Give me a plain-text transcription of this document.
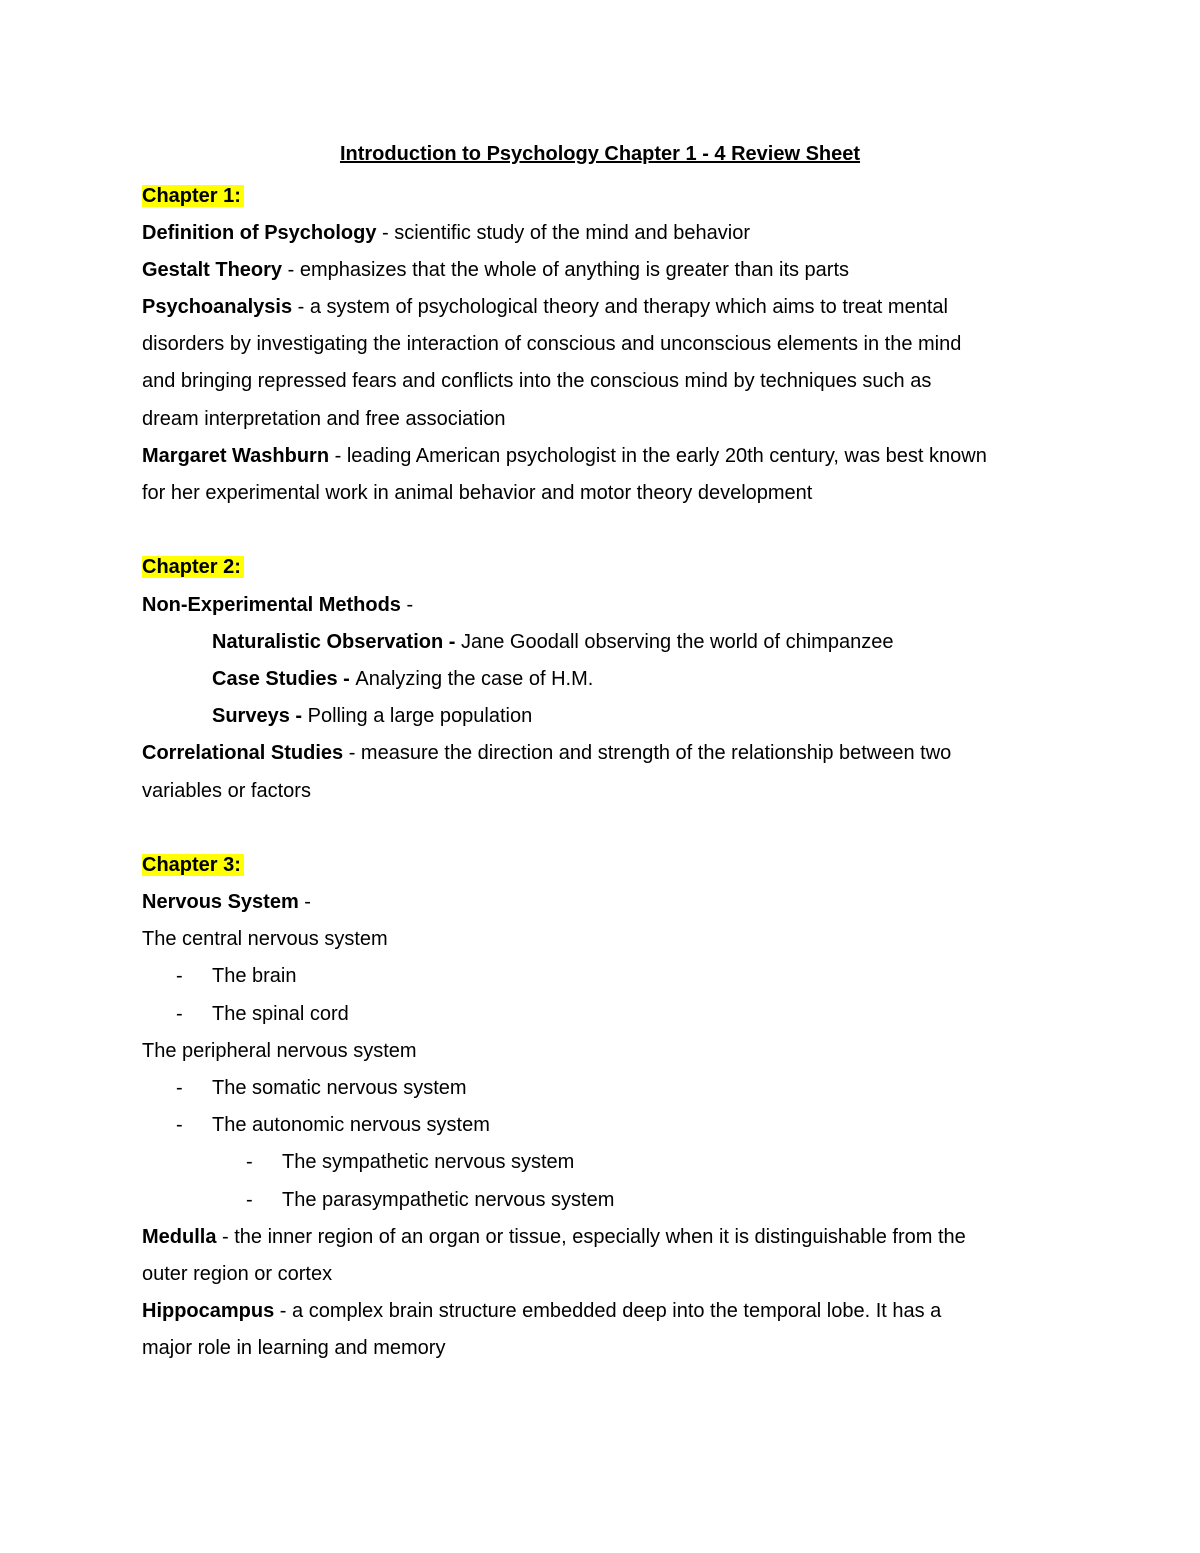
Introduction to Psychology Chapter 1 - 4 Review Sheet
Chapter 1:
Definition of Psychology - scientific study of the mind and behavior
Gestalt Theory - emphasizes that the whole of anything is greater than its parts
Psychoanalysis - a system of psychological theory and therapy which aims to treat mental
disorders by investigating the interaction of conscious and unconscious elements in the mind
and bringing repressed fears and conflicts into the conscious mind by techniques such as
dream interpretation and free association
Margaret Washburn - leading American psychologist in the early 20th century, was best known
for her experimental work in animal behavior and motor theory development
Chapter 2:
Non-Experimental Methods -
Naturalistic Observation - Jane Goodall observing the world of chimpanzee
Case Studies - Analyzing the case of H.M.
Surveys - Polling a large population
Correlational Studies - measure the direction and strength of the relationship between two
variables or factors
Chapter 3:
Nervous System -
The central nervous system
- The brain
- The spinal cord
The peripheral nervous system
- The somatic nervous system
- The autonomic nervous system
- The sympathetic nervous system
- The parasympathetic nervous system
Medulla - the inner region of an organ or tissue, especially when it is distinguishable from the
outer region or cortex
Hippocampus - a complex brain structure embedded deep into the temporal lobe. It has a
major role in learning and memory
